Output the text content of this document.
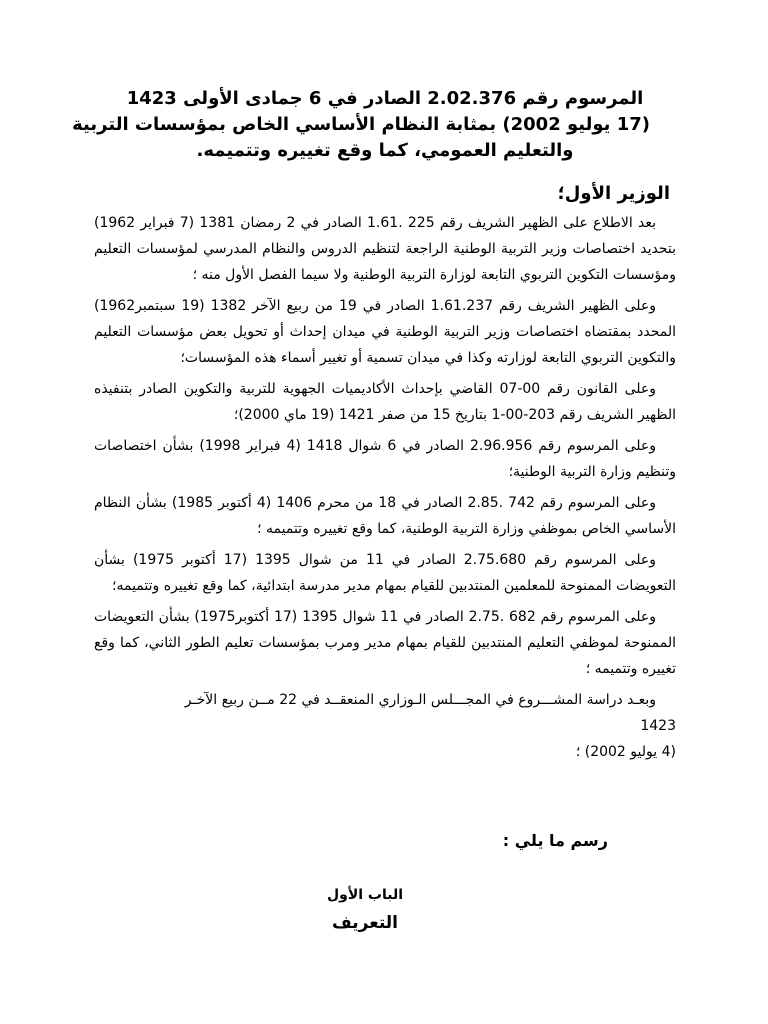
المرسوم رقم 2.02.376 الصادر في 6 جمادى الأولى 1423
(17 يوليو 2002) بمثابة النظام الأساسي الخاص بمؤسسات التربية
والتعليم العمومي، كما وقع تغييره وتتميمه.
الوزير الأول؛

بعد الاطلاع على الظهير الشريف رقم 225 .1.61 الصادر في 2 رمضان 1381 (7 فبراير 1962) بتحديد اختصاصات وزير التربية الوطنية الراجعة لتنظيم الدروس والنظام المدرسي لمؤسسات التعليم ومؤسسات التكوين التربوي التابعة لوزارة التربية الوطنية ولا سيما الفصل الأول منه ؛

وعلى الظهير الشريف رقم 1.61.237 الصادر في 19 من ربيع الآخر 1382 (19 سبتمبر1962) المحدد بمقتضاه اختصاصات وزير التربية الوطنية في ميدان إحداث أو تحويل بعض مؤسسات التعليم والتكوين التربوي التابعة لوزارته وكذا في ميدان تسمية أو تغيير أسماء هذه المؤسسات؛

وعلى القانون رقم 00-07 القاضي بإحداث الأكاديميات الجهوية للتربية والتكوين الصادر بتنفيذه الظهير الشريف رقم 203-00-1 بتاريخ 15 من صفر 1421 (19 ماي 2000)؛

وعلى المرسوم رقم 2.96.956 الصادر في 6 شوال 1418 (4 فبراير 1998) بشأن اختصاصات وتنظيم وزارة التربية الوطنية؛

وعلى المرسوم رقم 742 .2.85 الصادر في 18 من محرم 1406 (4 أكتوبر 1985) بشأن النظام الأساسي الخاص بموظفي وزارة التربية الوطنية، كما وقع تغييره وتتميمه ؛

وعلى المرسوم رقم 2.75.680 الصادر في 11 من شوال 1395 (17 أكتوبر 1975) بشأن التعويضات الممنوحة للمعلمين المنتدبين للقيام بمهام مدير مدرسة ابتدائية، كما وقع تغييره وتتميمه؛

وعلى المرسوم رقم 682 .2.75 الصادر في 11 شوال 1395 (17 أكتوبر1975) بشأن التعويضات الممنوحة لموظفي التعليم المنتدبين للقيام بمهام مدير ومرب بمؤسسات تعليم الطور الثاني، كما وقع تغييره وتتميمه ؛

وبعـد دراسة المشـــروع في المجـــلس الـوزاري المنعقــد في 22 مــن ربيع الآخـر

1423

(4 يوليو 2002) ؛

رسم ما يلي :
الباب الأول
التعريف
